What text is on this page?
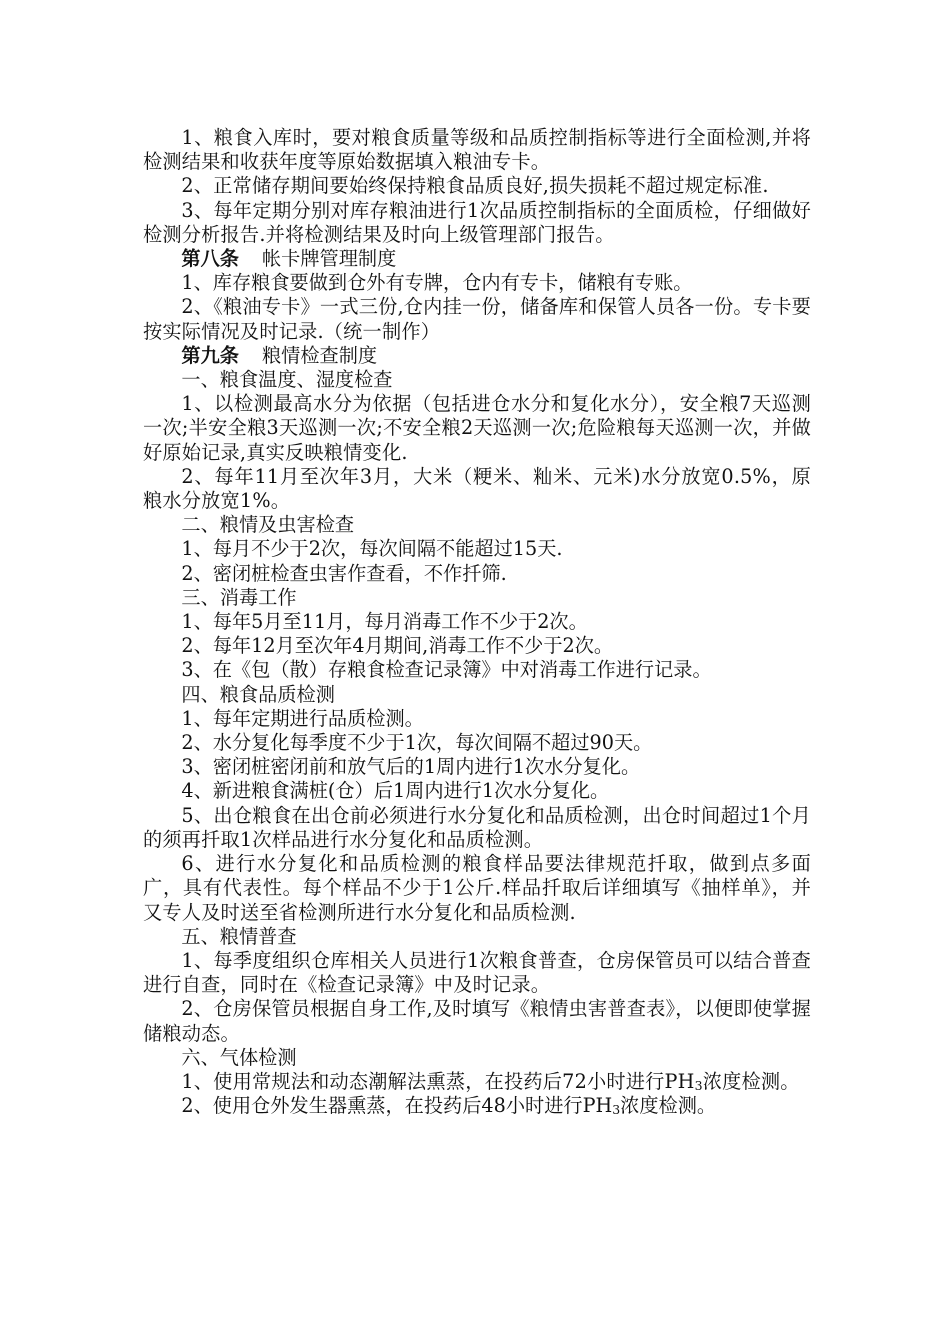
1、粮食入库时，要对粮食质量等级和品质控制指标等进行全面检测,并将检测结果和收获年度等原始数据填入粮油专卡。

2、正常储存期间要始终保持粮食品质良好,损失损耗不超过规定标准.

3、每年定期分别对库存粮油进行1次品质控制指标的全面质检，仔细做好检测分析报告.并将检测结果及时向上级管理部门报告。

第八条 帐卡牌管理制度

1、库存粮食要做到仓外有专牌，仓内有专卡，储粮有专账。

2、《粮油专卡》一式三份,仓内挂一份，储备库和保管人员各一份。专卡要按实际情况及时记录.（统一制作）

第九条 粮情检查制度

一、粮食温度、湿度检查

1、以检测最高水分为依据（包括进仓水分和复化水分），安全粮7天巡测一次;半安全粮3天巡测一次;不安全粮2天巡测一次;危险粮每天巡测一次，并做好原始记录,真实反映粮情变化.

2、每年11月至次年3月，大米（粳米、籼米、元米)水分放宽0.5%，原粮水分放宽1%。

二、粮情及虫害检查

1、每月不少于2次，每次间隔不能超过15天.

2、密闭桩检查虫害作查看，不作扦筛.

三、消毒工作

1、每年5月至11月，每月消毒工作不少于2次。

2、每年12月至次年4月期间,消毒工作不少于2次。

3、在《包（散）存粮食检查记录簿》中对消毒工作进行记录。

四、粮食品质检测

1、每年定期进行品质检测。

2、水分复化每季度不少于1次，每次间隔不超过90天。

3、密闭桩密闭前和放气后的1周内进行1次水分复化。

4、新进粮食满桩(仓）后1周内进行1次水分复化。

5、出仓粮食在出仓前必须进行水分复化和品质检测，出仓时间超过1个月的须再扦取1次样品进行水分复化和品质检测。

6、进行水分复化和品质检测的粮食样品要法律规范扦取，做到点多面广，具有代表性。每个样品不少于1公斤.样品扦取后详细填写《抽样单》，并又专人及时送至省检测所进行水分复化和品质检测.

五、粮情普查

1、每季度组织仓库相关人员进行1次粮食普查，仓房保管员可以结合普查进行自查，同时在《检查记录簿》中及时记录。

2、仓房保管员根据自身工作,及时填写《粮情虫害普查表》，以便即使掌握储粮动态。

六、气体检测

1、使用常规法和动态潮解法熏蒸，在投药后72小时进行$PH_3$浓度检测。

2、使用仓外发生器熏蒸，在投药后48小时进行$PH_3$浓度检测。
